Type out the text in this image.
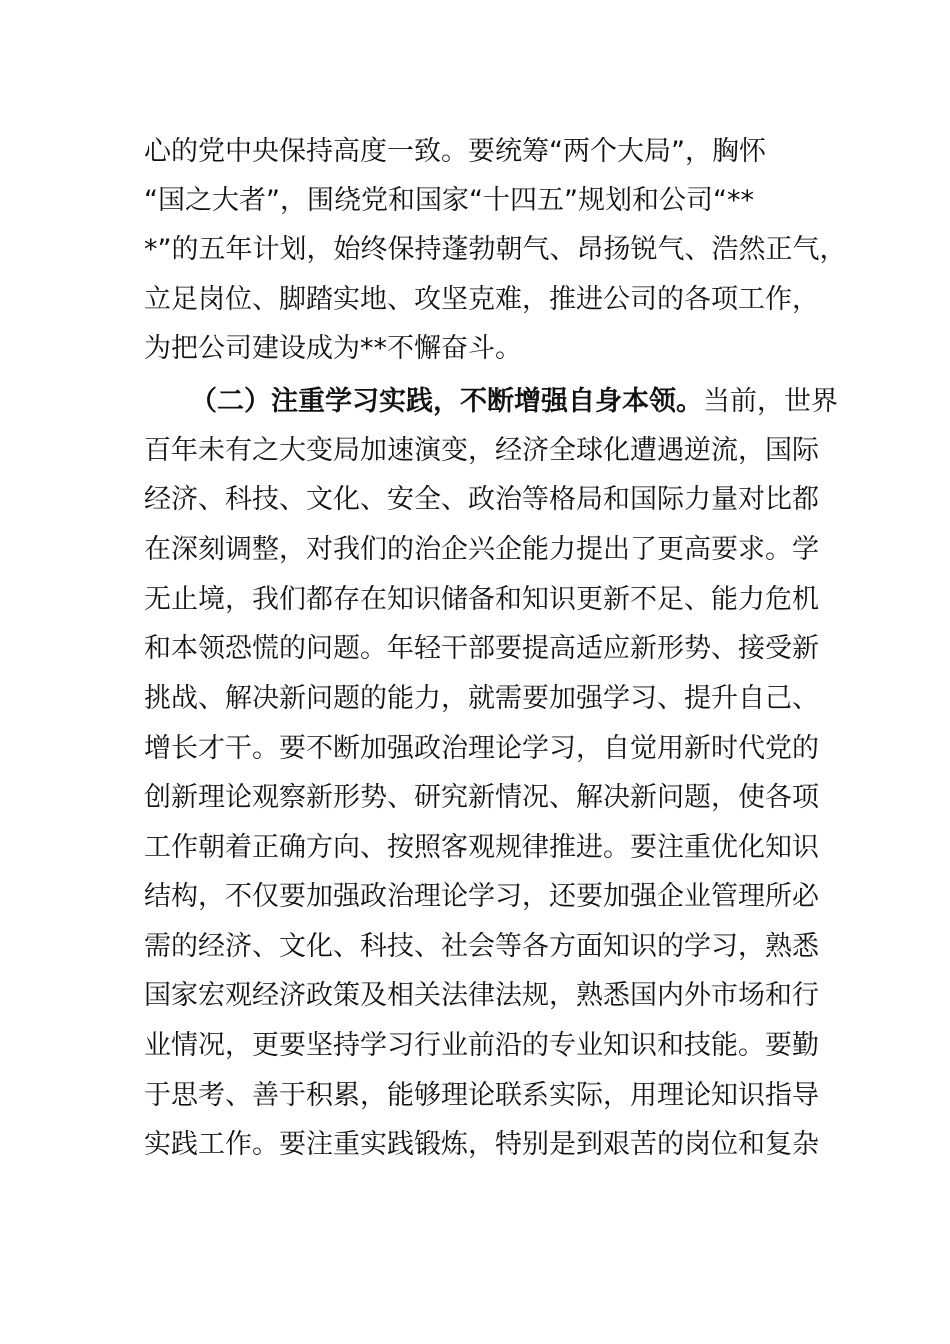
心的党中央保持高度一致。要统筹“两个大局”，胸怀
“国之大者”，围绕党和国家“十四五”规划和公司“**
*”的五年计划，始终保持蓬勃朝气、昂扬锐气、浩然正气，
立足岗位、脚踏实地、攻坚克难，推进公司的各项工作，
为把公司建设成为**不懈奋斗。
（二）注重学习实践，不断增强自身本领。当前，世界
百年未有之大变局加速演变，经济全球化遭遇逆流，国际
经济、科技、文化、安全、政治等格局和国际力量对比都
在深刻调整，对我们的治企兴企能力提出了更高要求。学
无止境，我们都存在知识储备和知识更新不足、能力危机
和本领恐慌的问题。年轻干部要提高适应新形势、接受新
挑战、解决新问题的能力，就需要加强学习、提升自己、
增长才干。要不断加强政治理论学习，自觉用新时代党的
创新理论观察新形势、研究新情况、解决新问题，使各项
工作朝着正确方向、按照客观规律推进。要注重优化知识
结构，不仅要加强政治理论学习，还要加强企业管理所必
需的经济、文化、科技、社会等各方面知识的学习，熟悉
国家宏观经济政策及相关法律法规，熟悉国内外市场和行
业情况，更要坚持学习行业前沿的专业知识和技能。要勤
于思考、善于积累，能够理论联系实际，用理论知识指导
实践工作。要注重实践锻炼，特别是到艰苦的岗位和复杂
